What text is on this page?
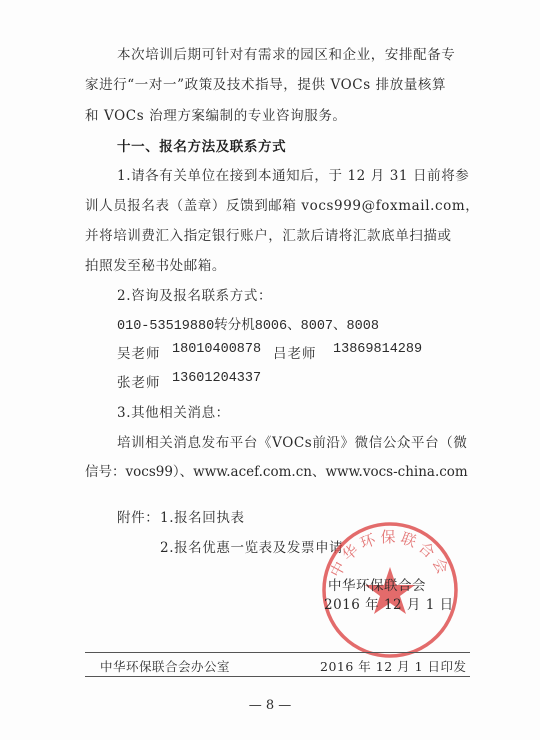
本次培训后期可针对有需求的园区和企业，安排配备专
家进行“一对一”政策及技术指导，提供 VOCs 排放量核算
和 VOCs 治理方案编制的专业咨询服务。
十一、报名方法及联系方式
1.请各有关单位在接到本通知后，于 12 月 31 日前将参
训人员报名表（盖章）反馈到邮箱 vocs999@foxmail.com，
并将培训费汇入指定银行账户，汇款后请将汇款底单扫描或
拍照发至秘书处邮箱。
2.咨询及报名联系方式：
010-53519880转分机8006、8007、8008
吴老师 18010400878 吕老师 13869814289
张老师 13601204337
3.其他相关消息：
培训相关消息发布平台《VOCs前沿》微信公众平台（微
信号：vocs99）、www.acef.com.cn、www.vocs-china.com
附件： 1.报名回执表
2.报名优惠一览表及发票申请
中华环保联合会
中华环保联合会
2016 年 12 月 1 日
中华环保联合会办公室	2016 年 12 月 1 日印发
— 8 —
